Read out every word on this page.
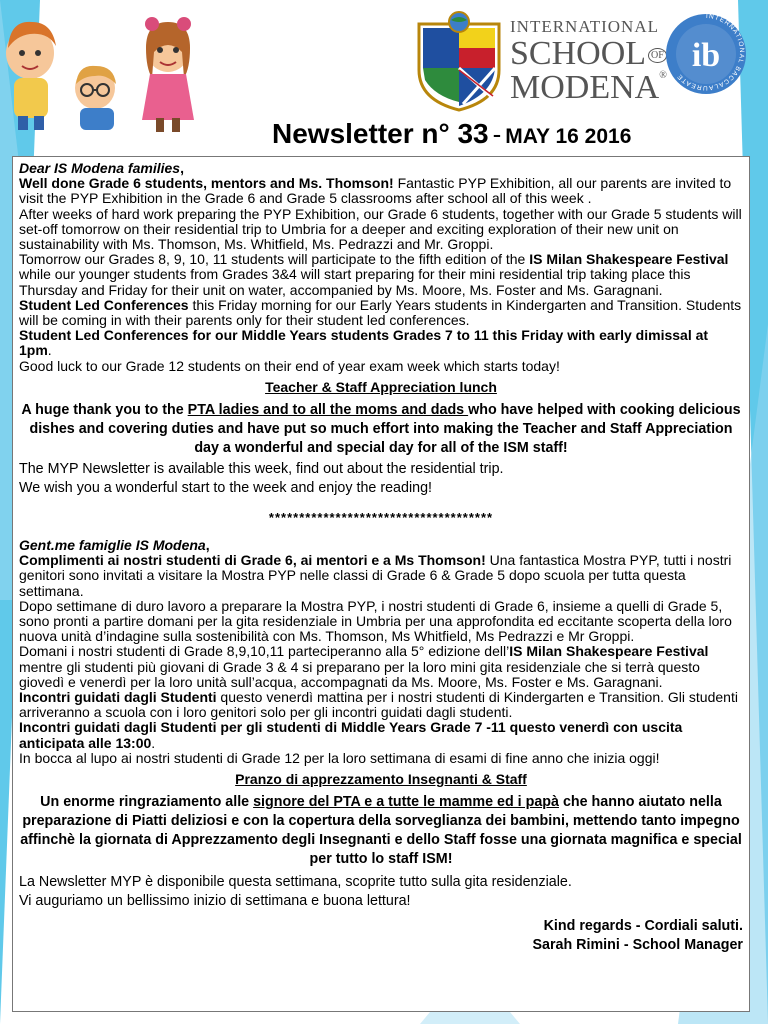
INTERNATIONAL
SCHOOL OF
MODENA®
ib
INTERNATIONAL BACCALAUREATE
Newsletter n° 33 - MAY 16 2016

Dear IS Modena families,

Well done Grade 6 students, mentors and Ms. Thomson! Fantastic PYP Exhibition, all our parents are invited to visit the PYP Exhibition in the Grade 6 and Grade 5 classrooms after school all of this week .

After weeks of hard work preparing the PYP Exhibition, our Grade 6 students, together with our Grade 5 students will set-off tomorrow on their residential trip to Umbria for a deeper and exciting exploration of their new unit on sustainability with Ms. Thomson, Ms. Whitfield, Ms. Pedrazzi and Mr. Groppi.

Tomorrow our Grades 8, 9, 10, 11 students will participate to the fifth edition of the IS Milan Shakespeare Festival while our younger students from Grades 3&4 will start preparing for their mini residential trip taking place this Thursday and Friday for their unit on water, accompanied by Ms. Moore, Ms. Foster and Ms. Garagnani.

Student Led Conferences this Friday morning for our Early Years students in Kindergarten and Transition. Students will be coming in with their parents only for their student led conferences.

Student Led Conferences for our Middle Years students Grades 7 to 11 this Friday with early dimissal at 1pm.

Good luck to our Grade 12 students on their end of year exam week which starts today!

Teacher & Staff Appreciation lunch

A huge thank you to the PTA ladies and to all the moms and dads who have helped with cooking delicious dishes and covering duties and have put so much effort into making the Teacher and Staff Appreciation day a wonderful and special day for all of the ISM staff!

The MYP Newsletter is available this week, find out about the residential trip.

We wish you a wonderful start to the week and enjoy the reading!

*************************************

Gent.me famiglie IS Modena,

Complimenti ai nostri studenti di Grade 6, ai mentori e a Ms Thomson! Una fantastica Mostra PYP, tutti i nostri genitori sono invitati a visitare la Mostra PYP nelle classi di Grade 6 & Grade 5 dopo scuola per tutta questa settimana.

Dopo settimane di duro lavoro a preparare la Mostra PYP, i nostri studenti di Grade 6, insieme a quelli di Grade 5, sono pronti a partire domani per la gita residenziale in Umbria per una approfondita ed eccitante scoperta della loro nuova unità d’indagine sulla sostenibilità con Ms. Thomson, Ms Whitfield, Ms Pedrazzi e Mr Groppi.

Domani i nostri studenti di Grade 8,9,10,11 parteciperanno alla 5° edizione dell’IS Milan Shakespeare Festival mentre gli studenti più giovani di Grade 3 & 4 si preparano per la loro mini gita residenziale che si terrà questo giovedì e venerdì per la loro unità sull’acqua, accompagnati da Ms. Moore, Ms. Foster e Ms. Garagnani.

Incontri guidati dagli Studenti questo venerdì mattina per i nostri studenti di Kindergarten e Transition. Gli studenti arriveranno a scuola con i loro genitori solo per gli incontri guidati dagli studenti.

Incontri guidati dagli Studenti per gli studenti di Middle Years Grade 7 -11 questo venerdì con uscita anticipata alle 13:00.

In bocca al lupo ai nostri studenti di Grade 12 per la loro settimana di esami di fine anno che inizia oggi!

Pranzo di apprezzamento Insegnanti & Staff

Un enorme ringraziamento alle signore del PTA e a tutte le mamme ed i papà che hanno aiutato nella preparazione di Piatti deliziosi e con la copertura della sorveglianza dei bambini, mettendo tanto impegno affinchè la giornata di Apprezzamento degli Insegnanti e dello Staff fosse una giornata magnifica e special per tutto lo staff ISM!

La Newsletter MYP è disponibile questa settimana, scoprite tutto sulla gita residenziale.

Vi auguriamo un bellissimo inizio di settimana e buona lettura!

Kind regards - Cordiali saluti.

Sarah Rimini - School Manager
